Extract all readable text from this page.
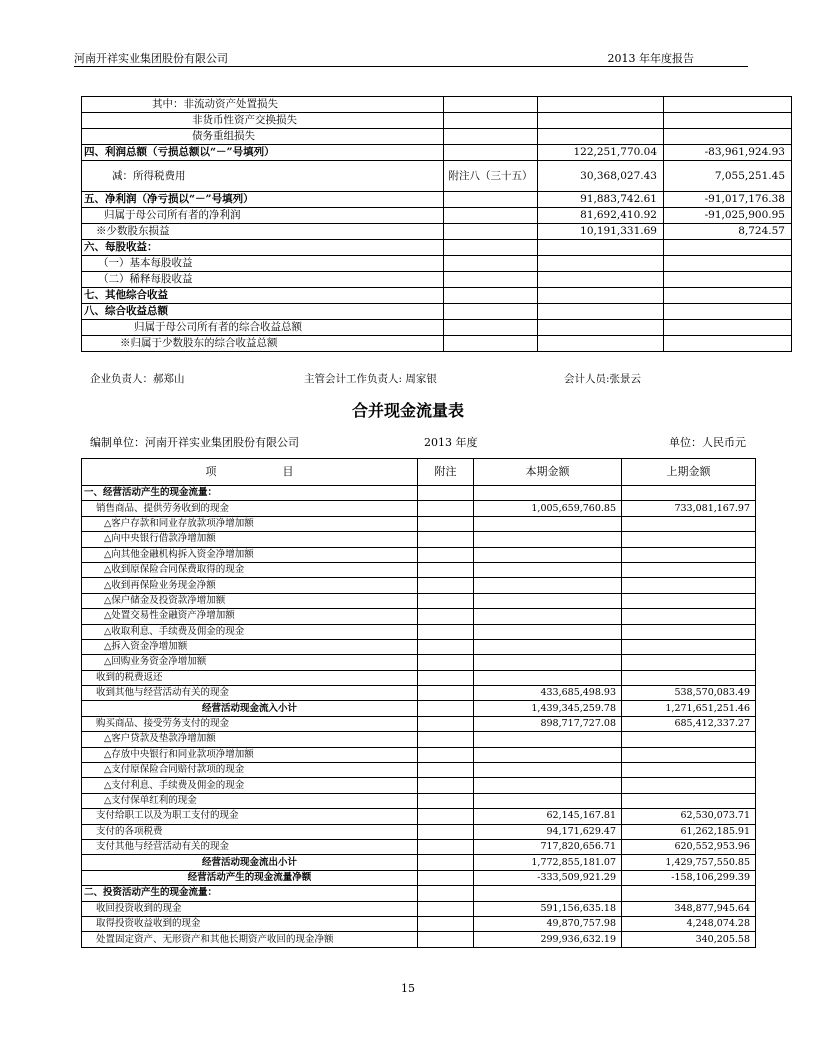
河南开祥实业集团股份有限公司	2013 年年度报告
其中：非流动资产处置损失			
非货币性资产交换损失			
债务重组损失			
四、利润总额（亏损总额以“－”号填列）		122,251,770.04	-83,961,924.93
减：所得税费用	附注八（三十五）	30,368,027.43	7,055,251.45
五、净利润（净亏损以“－”号填列）		91,883,742.61	-91,017,176.38
归属于母公司所有者的净利润		81,692,410.92	-91,025,900.95
※少数股东损益		10,191,331.69	8,724.57
六、每股收益：			
（一）基本每股收益			
（二）稀释每股收益			
七、其他综合收益			
八、综合收益总额			
归属于母公司所有者的综合收益总额			
※归属于少数股东的综合收益总额			
企业负责人：郝郑山	主管会计工作负责人: 周家银	会计人员:张景云
合并现金流量表
编制单位：河南开祥实业集团股份有限公司	2013 年度	单位：人民币元
项　　　　　　目	附注	本期金额	上期金额
一、经营活动产生的现金流量：			
销售商品、提供劳务收到的现金		1,005,659,760.85	733,081,167.97
△客户存款和同业存放款项净增加额			
△向中央银行借款净增加额			
△向其他金融机构拆入资金净增加额			
△收到原保险合同保费取得的现金			
△收到再保险业务现金净额			
△保户储金及投资款净增加额			
△处置交易性金融资产净增加额			
△收取利息、手续费及佣金的现金			
△拆入资金净增加额			
△回购业务资金净增加额			
收到的税费返还			
收到其他与经营活动有关的现金		433,685,498.93	538,570,083.49
经营活动现金流入小计		1,439,345,259.78	1,271,651,251.46
购买商品、接受劳务支付的现金		898,717,727.08	685,412,337.27
△客户贷款及垫款净增加额			
△存放中央银行和同业款项净增加额			
△支付原保险合同赔付款项的现金			
△支付利息、手续费及佣金的现金			
△支付保单红利的现金			
支付给职工以及为职工支付的现金		62,145,167.81	62,530,073.71
支付的各项税费		94,171,629.47	61,262,185.91
支付其他与经营活动有关的现金		717,820,656.71	620,552,953.96
经营活动现金流出小计		1,772,855,181.07	1,429,757,550.85
经营活动产生的现金流量净额		-333,509,921.29	-158,106,299.39
二、投资活动产生的现金流量：			
收回投资收到的现金		591,156,635.18	348,877,945.64
取得投资收益收到的现金		49,870,757.98	4,248,074.28
处置固定资产、无形资产和其他长期资产收回的现金净额		299,936,632.19	340,205.58
15
